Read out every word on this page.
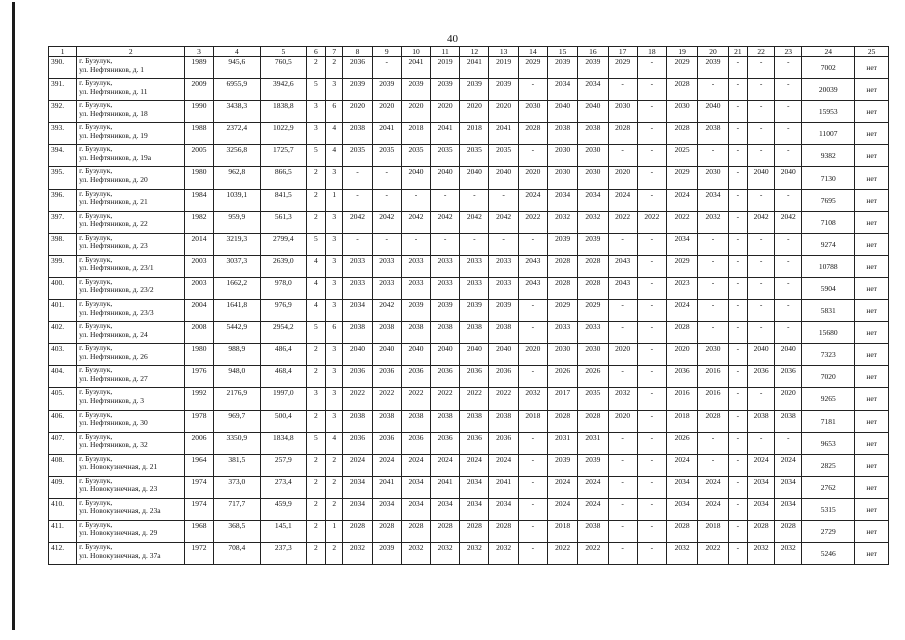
40
1	2	3	4	5	6	7	8	9	10	11	12	13	14	15	16	17	18	19	20	21	22	23	24	25
390.	г. Бузулук,
ул. Нефтяников, д. 1	1989	945,6	760,5	2	2	2036	-	2041	2019	2041	2019	2029	2039	2039	2029	-	2029	2039	-	-	-	7002	нет
391.	г. Бузулук,
ул. Нефтяников, д. 11	2009	6955,9	3942,6	5	3	2039	2039	2039	2039	2039	2039	-	2034	2034	-	-	2028	-	-	-	-	20039	нет
392.	г. Бузулук,
ул. Нефтяников, д. 18	1990	3438,3	1838,8	3	6	2020	2020	2020	2020	2020	2020	2030	2040	2040	2030	-	2030	2040	-	-	-	15953	нет
393.	г. Бузулук,
ул. Нефтяников, д. 19	1988	2372,4	1022,9	3	4	2038	2041	2018	2041	2018	2041	2028	2038	2038	2028	-	2028	2038	-	-	-	11007	нет
394.	г. Бузулук,
ул. Нефтяников, д. 19а	2005	3256,8	1725,7	5	4	2035	2035	2035	2035	2035	2035	-	2030	2030	-	-	2025	-	-	-	-	9382	нет
395.	г. Бузулук,
ул. Нефтяников, д. 20	1980	962,8	866,5	2	3	-	-	2040	2040	2040	2040	2020	2030	2030	2020	-	2029	2030	-	2040	2040	7130	нет
396.	г. Бузулук,
ул. Нефтяников, д. 21	1984	1039,1	841,5	2	1	-	-	-	-	-	-	2024	2034	2034	2024	-	2024	2034	-	-	-	7695	нет
397.	г. Бузулук,
ул. Нефтяников, д. 22	1982	959,9	561,3	2	3	2042	2042	2042	2042	2042	2042	2022	2032	2032	2022	2022	2022	2032	-	2042	2042	7108	нет
398.	г. Бузулук,
ул. Нефтяников, д. 23	2014	3219,3	2799,4	5	3	-	-	-	-	-	-	-	2039	2039	-	-	2034	-	-	-	-	9274	нет
399.	г. Бузулук,
ул. Нефтяников, д. 23/1	2003	3037,3	2639,0	4	3	2033	2033	2033	2033	2033	2033	2043	2028	2028	2043	-	2029	-	-	-	-	10788	нет
400.	г. Бузулук,
ул. Нефтяников, д. 23/2	2003	1662,2	978,0	4	3	2033	2033	2033	2033	2033	2033	2043	2028	2028	2043	-	2023	-	-	-	-	5904	нет
401.	г. Бузулук,
ул. Нефтяников, д. 23/3	2004	1641,8	976,9	4	3	2034	2042	2039	2039	2039	2039	-	2029	2029	-	-	2024	-	-	-	-	5831	нет
402.	г. Бузулук,
ул. Нефтяников, д. 24	2008	5442,9	2954,2	5	6	2038	2038	2038	2038	2038	2038	-	2033	2033	-	-	2028	-	-	-	-	15680	нет
403.	г. Бузулук,
ул. Нефтяников, д. 26	1980	988,9	486,4	2	3	2040	2040	2040	2040	2040	2040	2020	2030	2030	2020	-	2020	2030	-	2040	2040	7323	нет
404.	г. Бузулук,
ул. Нефтяников, д. 27	1976	948,0	468,4	2	3	2036	2036	2036	2036	2036	2036	-	2026	2026	-	-	2036	2016	-	2036	2036	7020	нет
405.	г. Бузулук,
ул. Нефтяников, д. 3	1992	2176,9	1997,0	3	3	2022	2022	2022	2022	2022	2022	2032	2017	2035	2032	-	2016	2016	-	-	2020	9265	нет
406.	г. Бузулук,
ул. Нефтяников, д. 30	1978	969,7	500,4	2	3	2038	2038	2038	2038	2038	2038	2018	2028	2028	2020	-	2018	2028	-	2038	2038	7181	нет
407.	г. Бузулук,
ул. Нефтяников, д. 32	2006	3350,9	1834,8	5	4	2036	2036	2036	2036	2036	2036	-	2031	2031	-	-	2026	-	-	-	-	9653	нет
408.	г. Бузулук,
ул. Новокузнечная, д. 21	1964	381,5	257,9	2	2	2024	2024	2024	2024	2024	2024	-	2039	2039	-	-	2024	-	-	2024	2024	2825	нет
409.	г. Бузулук,
ул. Новокузнечная, д. 23	1974	373,0	273,4	2	2	2034	2041	2034	2041	2034	2041	-	2024	2024	-	-	2034	2024	-	2034	2034	2762	нет
410.	г. Бузулук,
ул. Новокузнечная, д. 23а	1974	717,7	459,9	2	2	2034	2034	2034	2034	2034	2034	-	2024	2024	-	-	2034	2024	-	2034	2034	5315	нет
411.	г. Бузулук,
ул. Новокузнечная, д. 29	1968	368,5	145,1	2	1	2028	2028	2028	2028	2028	2028	-	2018	2038	-	-	2028	2018	-	2028	2028	2729	нет
412.	г. Бузулук,
ул. Новокузнечная, д. 37а	1972	708,4	237,3	2	2	2032	2039	2032	2032	2032	2032	-	2022	2022	-	-	2032	2022	-	2032	2032	5246	нет
